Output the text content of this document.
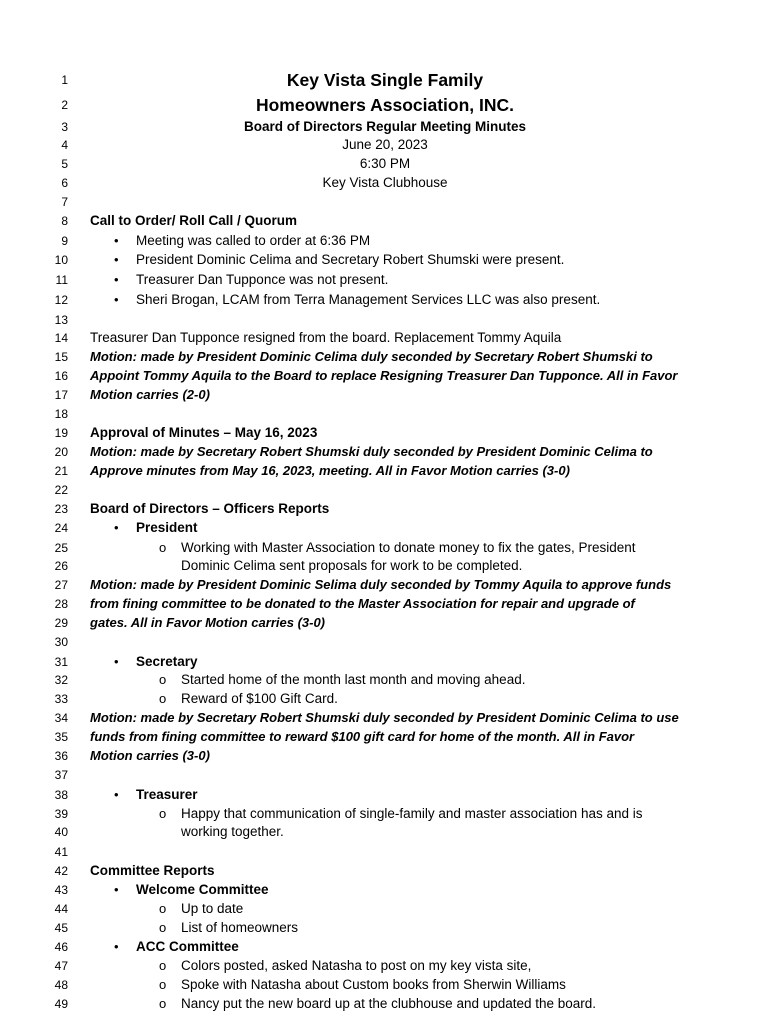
1	Key Vista Single Family
2	Homeowners Association, INC.
3	Board of Directors Regular Meeting Minutes
4	June 20, 2023
5	6:30 PM
6	Key Vista Clubhouse
7
8 Call to Order/ Roll Call / Quorum
9	• Meeting was called to order at 6:36 PM
10	• President Dominic Celima and Secretary Robert Shumski were present.
11	• Treasurer Dan Tupponce was not present.
12	• Sheri Brogan, LCAM from Terra Management Services LLC was also present.
13
14 Treasurer Dan Tupponce resigned from the board. Replacement Tommy Aquila
15 Motion: made by President Dominic Celima duly seconded by Secretary Robert Shumski to
16 Appoint Tommy Aquila to the Board to replace Resigning Treasurer Dan Tupponce. All in Favor
17 Motion carries (2-0)
18
19 Approval of Minutes – May 16, 2023
20 Motion: made by Secretary Robert Shumski duly seconded by President Dominic Celima to
21 Approve minutes from May 16, 2023, meeting. All in Favor Motion carries (3-0)
22
23 Board of Directors – Officers Reports
24	• President
25	o Working with Master Association to donate money to fix the gates, President
26	Dominic Celima sent proposals for work to be completed.
27 Motion: made by President Dominic Selima duly seconded by Tommy Aquila to approve funds
28 from fining committee to be donated to the Master Association for repair and upgrade of
29 gates. All in Favor Motion carries (3-0)
30
31	• Secretary
32	o Started home of the month last month and moving ahead.
33	o Reward of $100 Gift Card.
34 Motion: made by Secretary Robert Shumski duly seconded by President Dominic Celima to use
35 funds from fining committee to reward $100 gift card for home of the month. All in Favor
36 Motion carries (3-0)
37
38	• Treasurer
39	o Happy that communication of single-family and master association has and is
40	working together.
41
42 Committee Reports
43	• Welcome Committee
44	o Up to date
45	o List of homeowners
46	• ACC Committee
47	o Colors posted, asked Natasha to post on my key vista site,
48	o Spoke with Natasha about Custom books from Sherwin Williams
49	o Nancy put the new board up at the clubhouse and updated the board.
